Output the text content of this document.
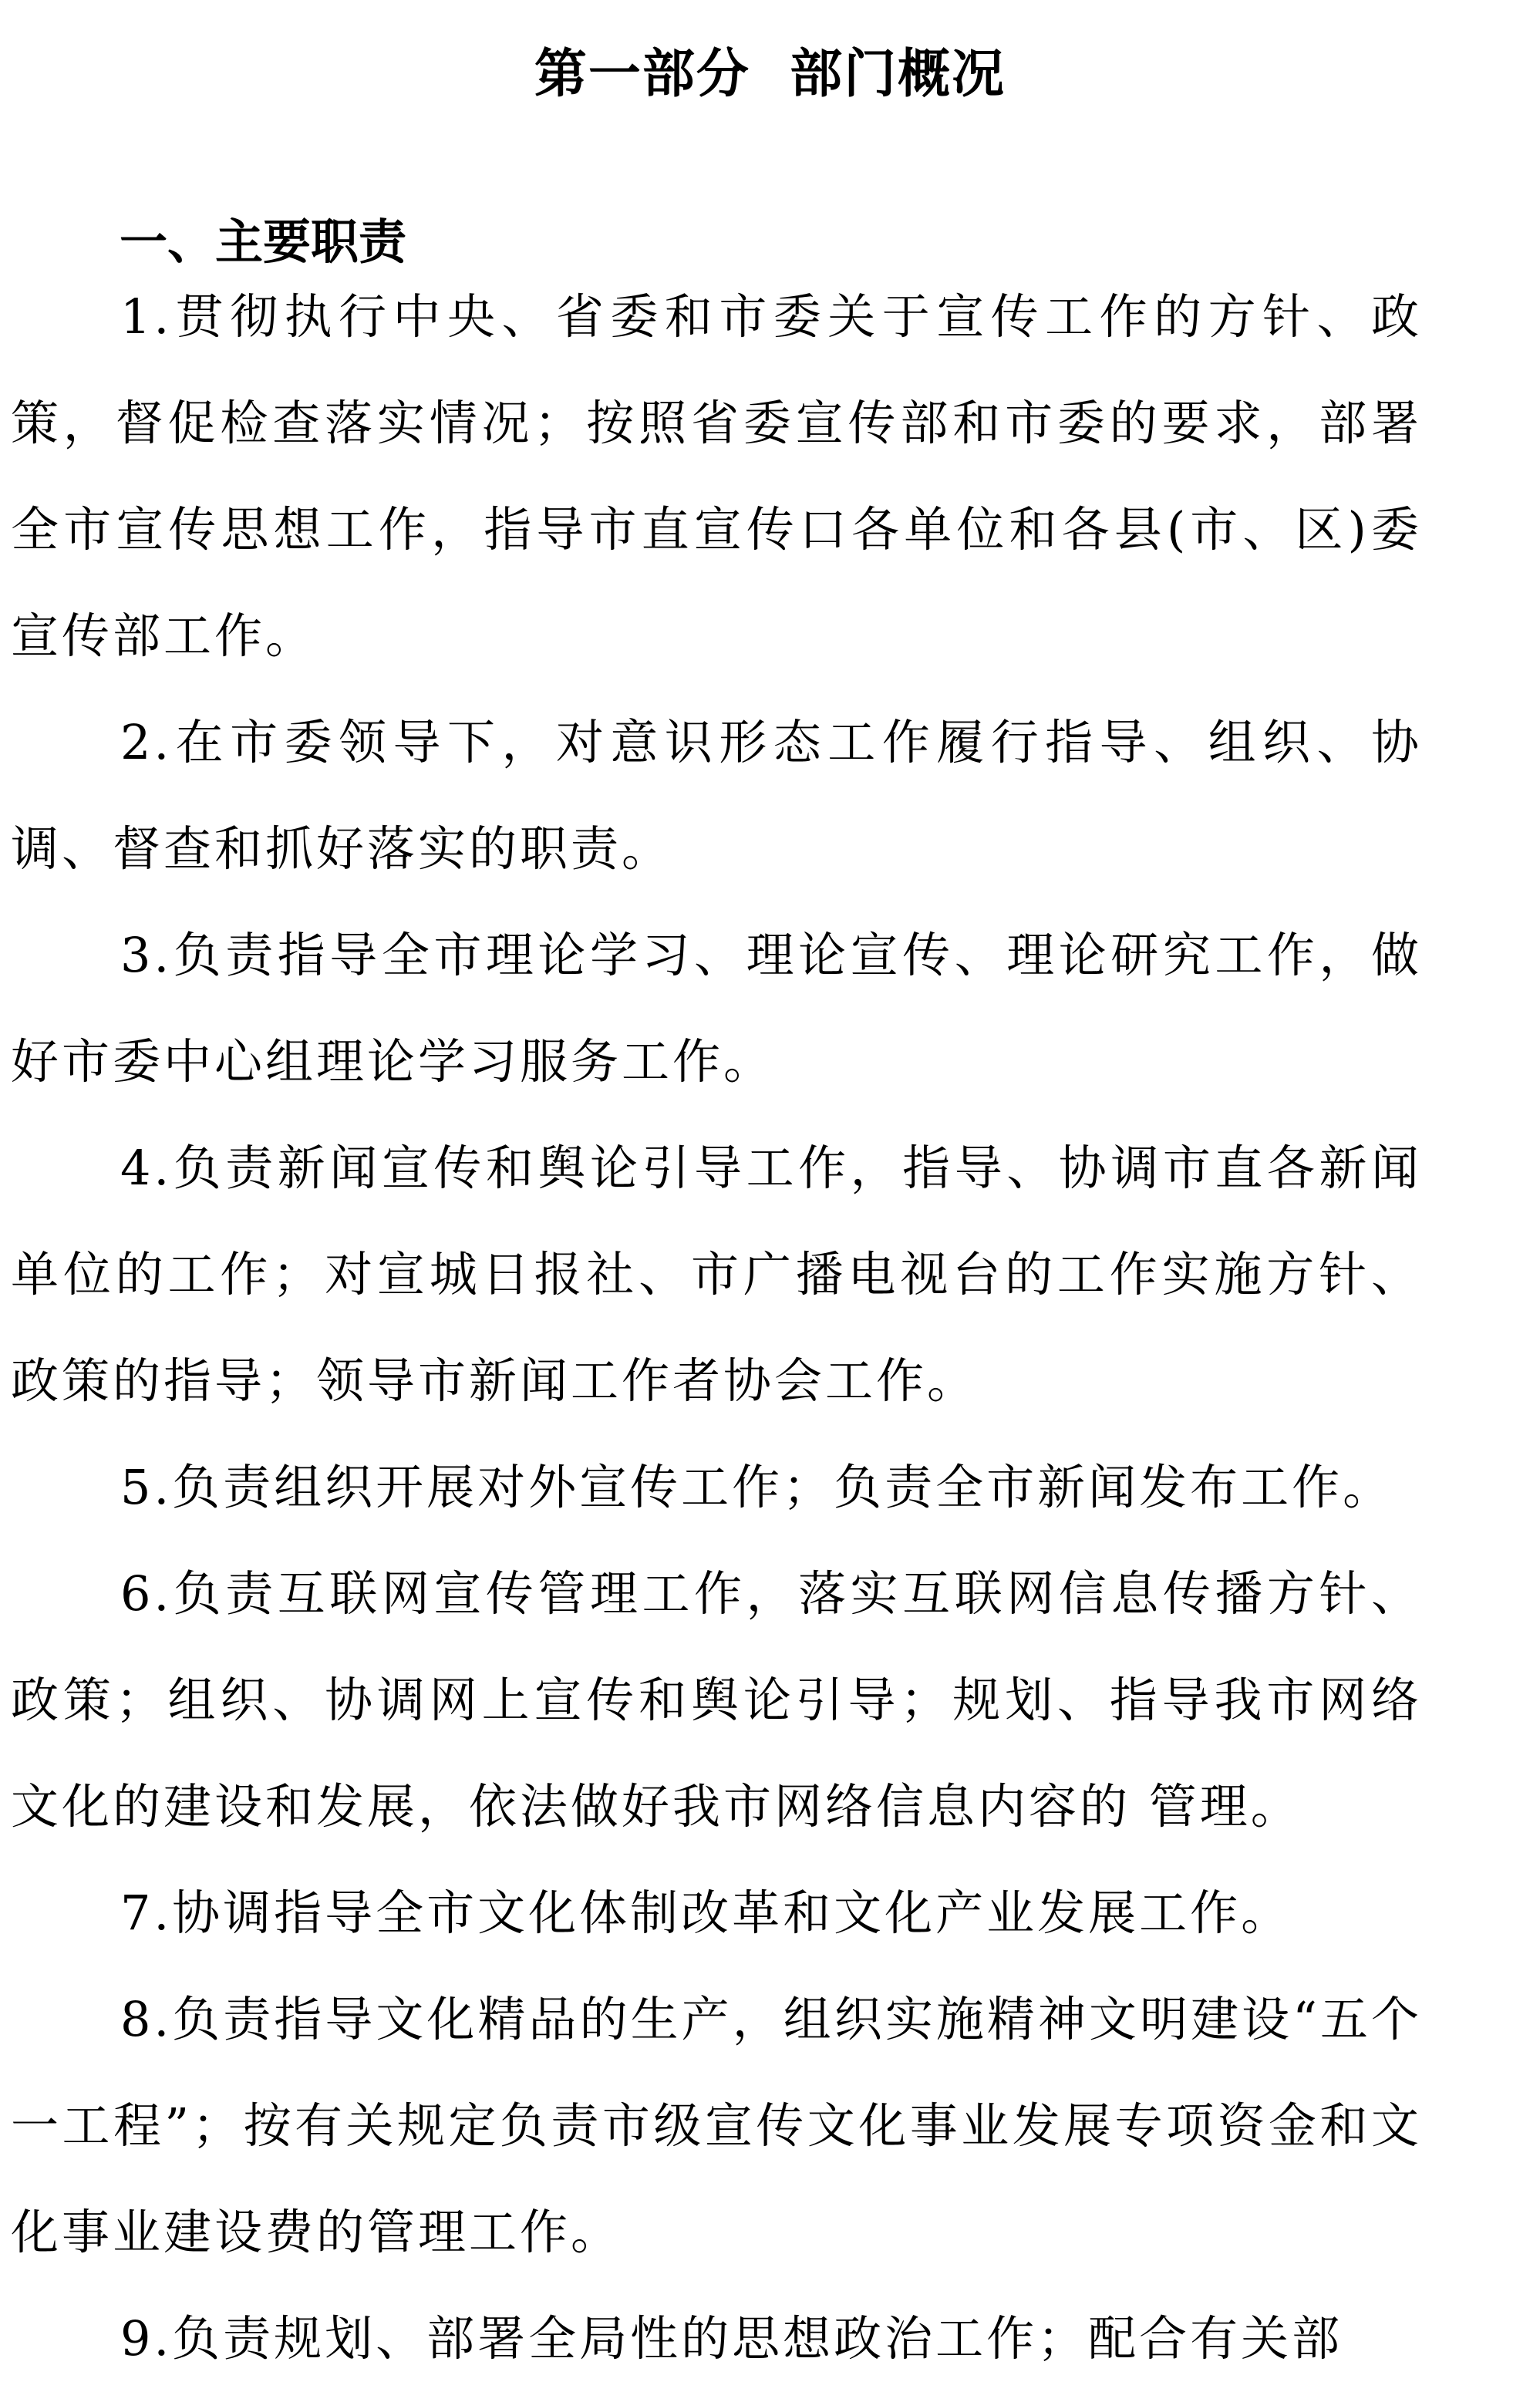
第一部分  部门概况
一、主要职责
1.贯彻执行中央、省委和市委关于宣传工作的方针、政策，督促检查落实情况；按照省委宣传部和市委的要求，部署全市宣传思想工作，指导市直宣传口各单位和各县(市、区)委宣传部工作。
2.在市委领导下，对意识形态工作履行指导、组织、协调、督查和抓好落实的职责。
3.负责指导全市理论学习、理论宣传、理论研究工作，做好市委中心组理论学习服务工作。
4.负责新闻宣传和舆论引导工作，指导、协调市直各新闻单位的工作；对宣城日报社、市广播电视台的工作实施方针、政策的指导；领导市新闻工作者协会工作。
5.负责组织开展对外宣传工作；负责全市新闻发布工作。
6.负责互联网宣传管理工作，落实互联网信息传播方针、政策；组织、协调网上宣传和舆论引导；规划、指导我市网络文化的建设和发展，依法做好我市网络信息内容的 管理。
7.协调指导全市文化体制改革和文化产业发展工作。
8.负责指导文化精品的生产，组织实施精神文明建设“五个一工程”；按有关规定负责市级宣传文化事业发展专项资金和文化事业建设费的管理工作。
9.负责规划、部署全局性的思想政治工作；配合有关部
